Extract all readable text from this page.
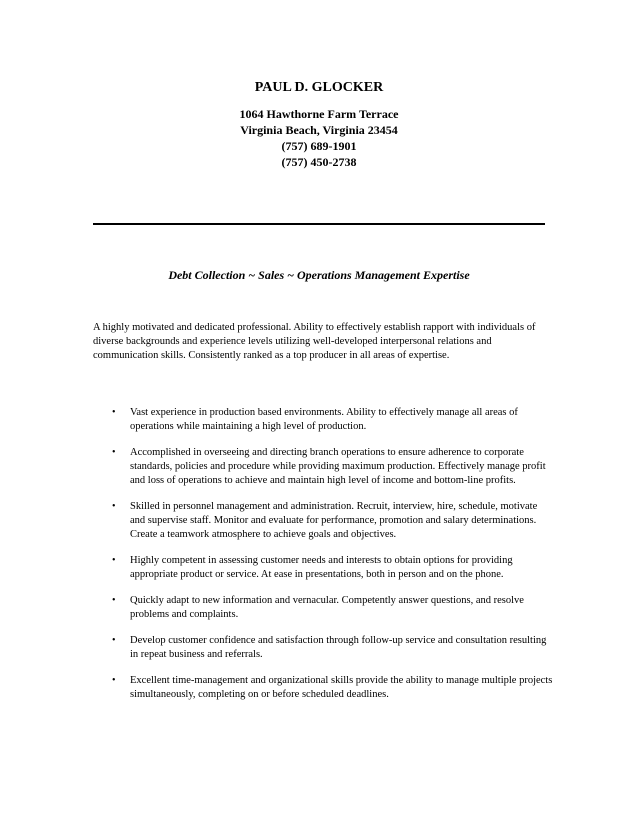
PAUL D. GLOCKER
1064 Hawthorne Farm Terrace
Virginia Beach, Virginia 23454
(757) 689-1901
(757) 450-2738
Debt Collection ~ Sales ~ Operations Management Expertise
A highly motivated and dedicated professional. Ability to effectively establish rapport with individuals of diverse backgrounds and experience levels utilizing well-developed interpersonal relations and communication skills. Consistently ranked as a top producer in all areas of expertise.
• Vast experience in production based environments. Ability to effectively manage all areas of operations while maintaining a high level of production.
• Accomplished in overseeing and directing branch operations to ensure adherence to corporate standards, policies and procedure while providing maximum production. Effectively manage profit and loss of operations to achieve and maintain high level of income and bottom-line profits.
• Skilled in personnel management and administration. Recruit, interview, hire, schedule, motivate and supervise staff. Monitor and evaluate for performance, promotion and salary determinations. Create a teamwork atmosphere to achieve goals and objectives.
• Highly competent in assessing customer needs and interests to obtain options for providing appropriate product or service. At ease in presentations, both in person and on the phone.
• Quickly adapt to new information and vernacular. Competently answer questions, and resolve problems and complaints.
• Develop customer confidence and satisfaction through follow-up service and consultation resulting in repeat business and referrals.
• Excellent time-management and organizational skills provide the ability to manage multiple projects simultaneously, completing on or before scheduled deadlines.
